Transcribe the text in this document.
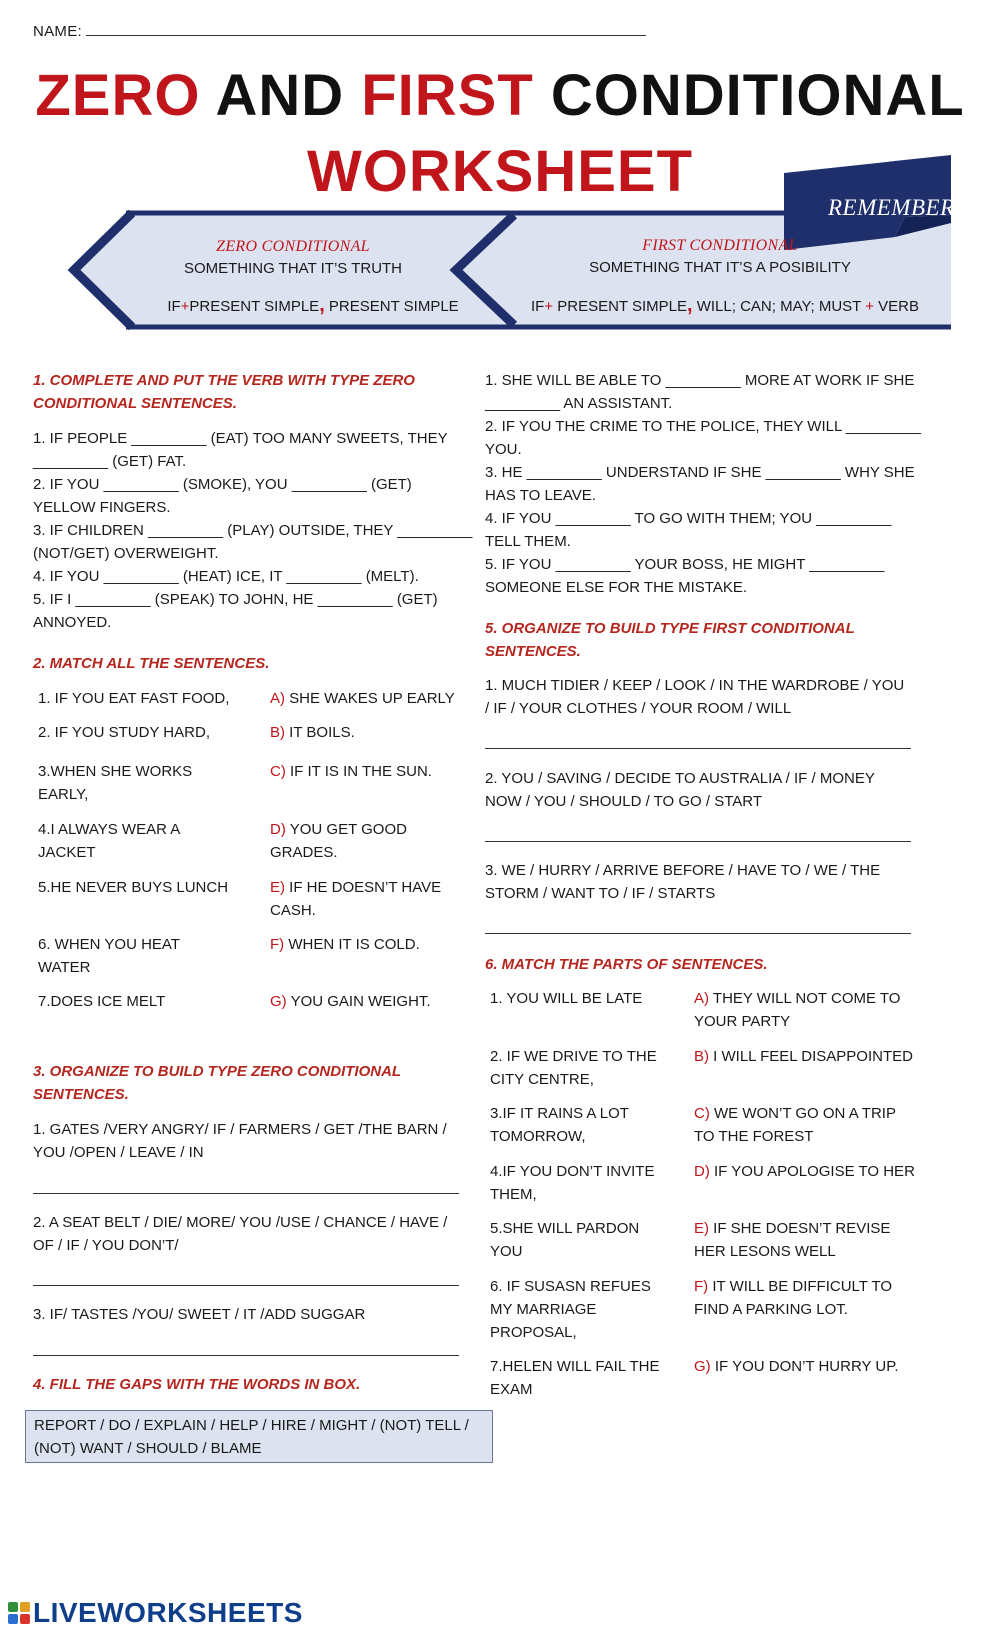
NAME:
ZERO AND FIRST CONDITIONAL
WORKSHEET
REMEMBER
ZERO CONDITIONAL
SOMETHING THAT IT’S TRUTH
IF+PRESENT SIMPLE, PRESENT SIMPLE
FIRST CONDITIONAL
SOMETHING THAT IT’S A POSIBILITY
IF+ PRESENT SIMPLE, WILL; CAN; MAY; MUST + VERB
1. COMPLETE AND PUT THE VERB WITH TYPE ZERO CONDITIONAL SENTENCES.
1. IF PEOPLE _________ (EAT) TOO MANY SWEETS, THEY
_________ (GET) FAT.
2. IF YOU _________ (SMOKE), YOU _________ (GET)
YELLOW FINGERS.
3. IF CHILDREN _________ (PLAY) OUTSIDE, THEY _________
(NOT/GET) OVERWEIGHT.
4. IF YOU _________ (HEAT) ICE, IT _________ (MELT).
5. IF I _________ (SPEAK) TO JOHN, HE _________ (GET)
ANNOYED.
2. MATCH ALL THE SENTENCES.
1. IF YOU EAT FAST FOOD,
2. IF YOU STUDY HARD,
3.WHEN SHE WORKS EARLY,
4.I ALWAYS WEAR A JACKET
5.HE NEVER BUYS LUNCH
6. WHEN YOU HEAT WATER
7.DOES ICE MELT
A) SHE WAKES UP EARLY
B) IT BOILS.
C) IF IT IS IN THE SUN.
D) YOU GET GOOD GRADES.
E) IF HE DOESN’T HAVE CASH.
F) WHEN IT IS COLD.
G) YOU GAIN WEIGHT.
3. ORGANIZE TO BUILD TYPE ZERO CONDITIONAL SENTENCES.
1. GATES /VERY ANGRY/ IF / FARMERS / GET /THE BARN / YOU /OPEN / LEAVE / IN
2. A SEAT BELT / DIE/ MORE/ YOU /USE / CHANCE / HAVE / OF / IF / YOU DON’T/
3. IF/ TASTES /YOU/ SWEET / IT /ADD SUGGAR
4. FILL THE GAPS WITH THE WORDS IN BOX.
REPORT / DO / EXPLAIN / HELP / HIRE / MIGHT / (NOT) TELL / (NOT) WANT / SHOULD / BLAME
1. SHE WILL BE ABLE TO _________ MORE AT WORK IF SHE
_________ AN ASSISTANT.
2. IF YOU THE CRIME TO THE POLICE, THEY WILL _________
YOU.
3. HE _________ UNDERSTAND IF SHE _________ WHY SHE
HAS TO LEAVE.
4. IF YOU _________ TO GO WITH THEM; YOU _________
TELL THEM.
5. IF YOU _________ YOUR BOSS, HE MIGHT _________
SOMEONE ELSE FOR THE MISTAKE.
5. ORGANIZE TO BUILD TYPE FIRST CONDITIONAL SENTENCES.
1. MUCH TIDIER / KEEP / LOOK / IN THE WARDROBE / YOU / IF / YOUR CLOTHES / YOUR ROOM / WILL
2. YOU / SAVING / DECIDE TO AUSTRALIA / IF / MONEY NOW / YOU / SHOULD / TO GO / START
3. WE / HURRY / ARRIVE BEFORE / HAVE TO / WE / THE STORM / WANT TO / IF / STARTS
6. MATCH THE PARTS OF SENTENCES.
1. YOU WILL BE LATE
2. IF WE DRIVE TO THE CITY CENTRE,
3.IF IT RAINS A LOT TOMORROW,
4.IF YOU DON’T INVITE THEM,
5.SHE WILL PARDON YOU
6. IF SUSASN REFUES MY MARRIAGE PROPOSAL,
7.HELEN WILL FAIL THE EXAM
A) THEY WILL NOT COME TO YOUR PARTY
B) I WILL FEEL DISAPPOINTED
C) WE WON’T GO ON A TRIP TO THE FOREST
D) IF YOU APOLOGISE TO HER
E) IF SHE DOESN’T REVISE HER LESONS WELL
F) IT WILL BE DIFFICULT TO FIND A PARKING LOT.
G) IF YOU DON’T HURRY UP.
LIVEWORKSHEETS
